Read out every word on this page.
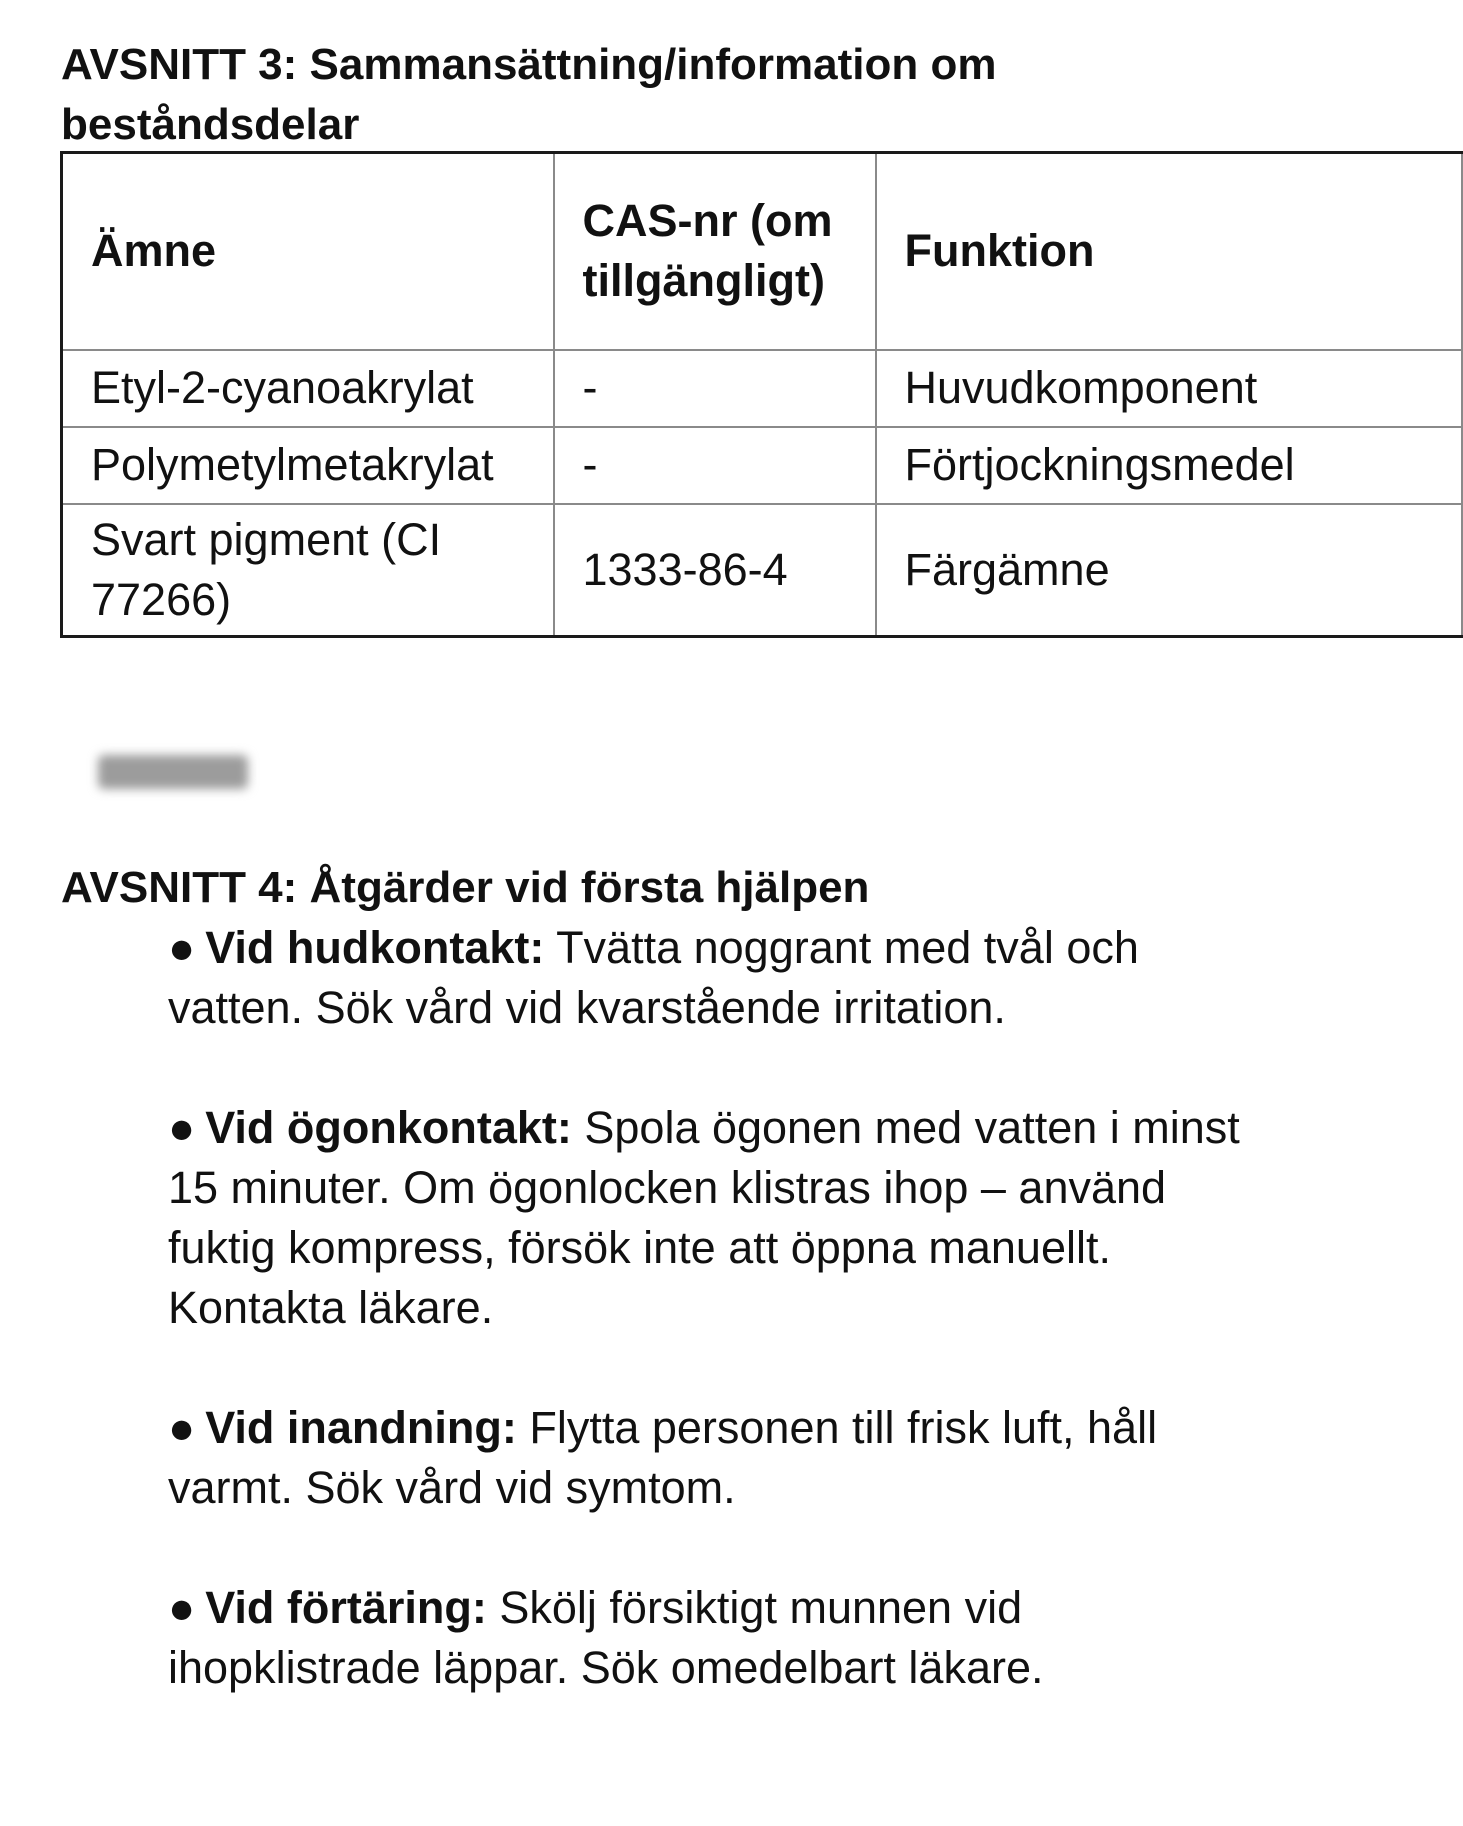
AVSNITT 3: Sammansättning/information om beståndsdelar
Ämne	CAS-nr (om tillgängligt)	Funktion
Etyl-2-cyanoakrylat	-	Huvudkomponent
Polymetylmetakrylat	-	Förtjockningsmedel
Svart pigment (CI 77266)	1333-86-4	Färgämne
AVSNITT 4: Åtgärder vid första hjälpen
● Vid hudkontakt: Tvätta noggrant med tvål och vatten. Sök vård vid kvarstående irritation.
● Vid ögonkontakt: Spola ögonen med vatten i minst 15 minuter. Om ögonlocken klistras ihop – använd fuktig kompress, försök inte att öppna manuellt. Kontakta läkare.
● Vid inandning: Flytta personen till frisk luft, håll varmt. Sök vård vid symtom.
● Vid förtäring: Skölj försiktigt munnen vid ihopklistrade läppar. Sök omedelbart läkare.
